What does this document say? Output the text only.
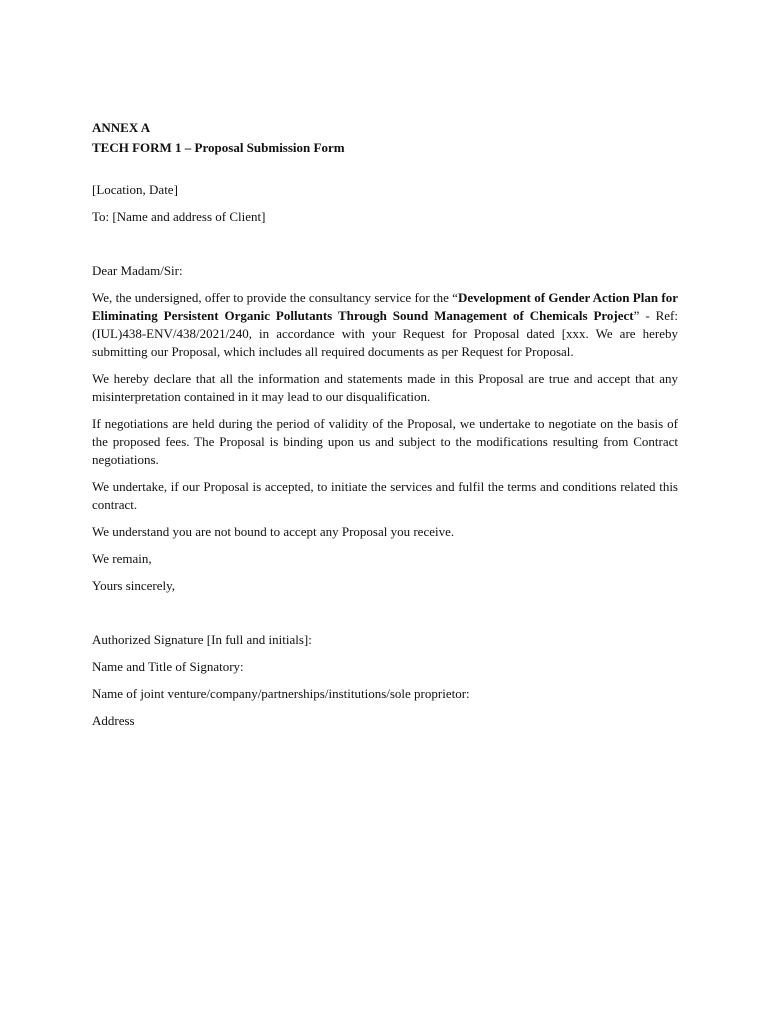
ANNEX A
TECH FORM 1 – Proposal Submission Form
[Location, Date]
To: [Name and address of Client]
Dear Madam/Sir:
We, the undersigned, offer to provide the consultancy service for the “Development of Gender Action Plan for Eliminating Persistent Organic Pollutants Through Sound Management of Chemicals Project” - Ref: (IUL)438-ENV/438/2021/240, in accordance with your Request for Proposal dated [xxx. We are hereby submitting our Proposal, which includes all required documents as per Request for Proposal.
We hereby declare that all the information and statements made in this Proposal are true and accept that any misinterpretation contained in it may lead to our disqualification.
If negotiations are held during the period of validity of the Proposal, we undertake to negotiate on the basis of the proposed fees. The Proposal is binding upon us and subject to the modifications resulting from Contract negotiations.
We undertake, if our Proposal is accepted, to initiate the services and fulfil the terms and conditions related this contract.
We understand you are not bound to accept any Proposal you receive.
We remain,
Yours sincerely,
Authorized Signature [In full and initials]:
Name and Title of Signatory:
Name of joint venture/company/partnerships/institutions/sole proprietor:
Address
